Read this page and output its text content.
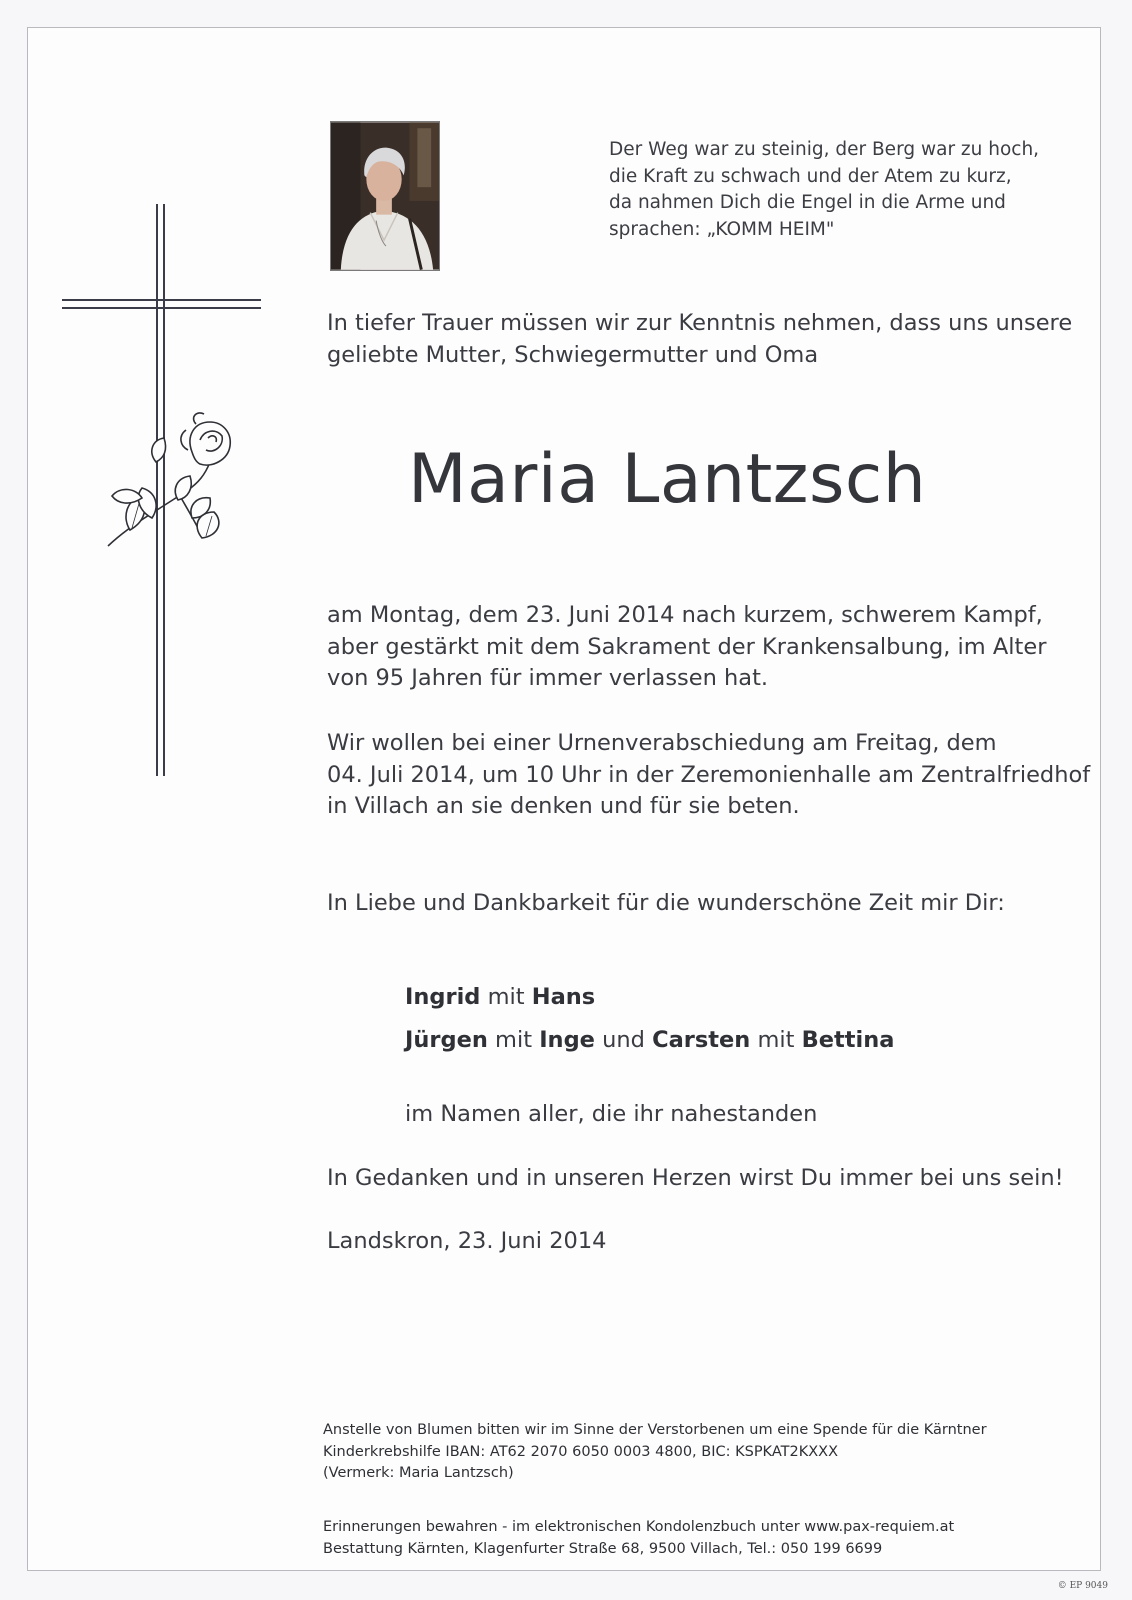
Der Weg war zu steinig, der Berg war zu hoch,
die Kraft zu schwach und der Atem zu kurz,
da nahmen Dich die Engel in die Arme und
sprachen: „KOMM HEIM"
In tiefer Trauer müssen wir zur Kenntnis nehmen, dass uns unsere
geliebte Mutter, Schwiegermutter und Oma
Maria Lantzsch
am Montag, dem 23. Juni 2014 nach kurzem, schwerem Kampf,
aber gestärkt mit dem Sakrament der Krankensalbung, im Alter
von 95 Jahren für immer verlassen hat.
Wir wollen bei einer Urnenverabschiedung am Freitag, dem
04. Juli 2014, um 10 Uhr in der Zeremonienhalle am Zentralfriedhof
in Villach an sie denken und für sie beten.
In Liebe und Dankbarkeit für die wunderschöne Zeit mir Dir:
Ingrid mit Hans
Jürgen mit Inge und Carsten mit Bettina
im Namen aller, die ihr nahestanden
In Gedanken und in unseren Herzen wirst Du immer bei uns sein!
Landskron, 23. Juni 2014
Anstelle von Blumen bitten wir im Sinne der Verstorbenen um eine Spende für die Kärntner
Kinderkrebshilfe IBAN: AT62 2070 6050 0003 4800, BIC: KSPKAT2KXXX
(Vermerk: Maria Lantzsch)
Erinnerungen bewahren - im elektronischen Kondolenzbuch unter www.pax-requiem.at
Bestattung Kärnten, Klagenfurter Straße 68, 9500 Villach, Tel.: 050 199 6699
© EP 9049
